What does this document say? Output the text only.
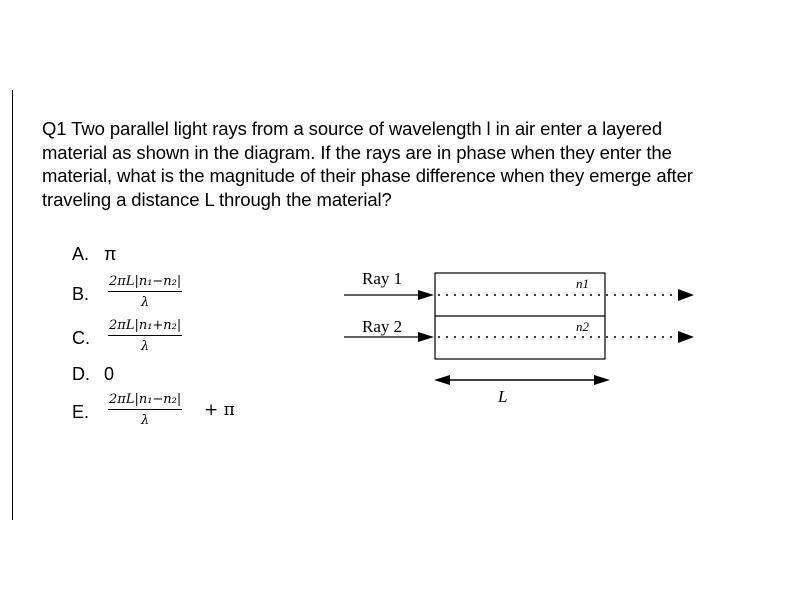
Q1 Two parallel light rays from a source of wavelength l in air enter a layered material as shown in the diagram. If the rays are in phase when they enter the material, what is the magnitude of their phase difference when they emerge after traveling a distance L through the material?
A. π
B.	$\frac{\text{2πL|n₁−n₂|}}{\lambda}$
C.	$\frac{\text{2πL|n₁+n₂|}}{\lambda}$
D. 0
E.	$\frac{\text{2πL|n₁−n₂|}}{\lambda} + \pi$
Ray 1
Ray 2
n1
n2
L
